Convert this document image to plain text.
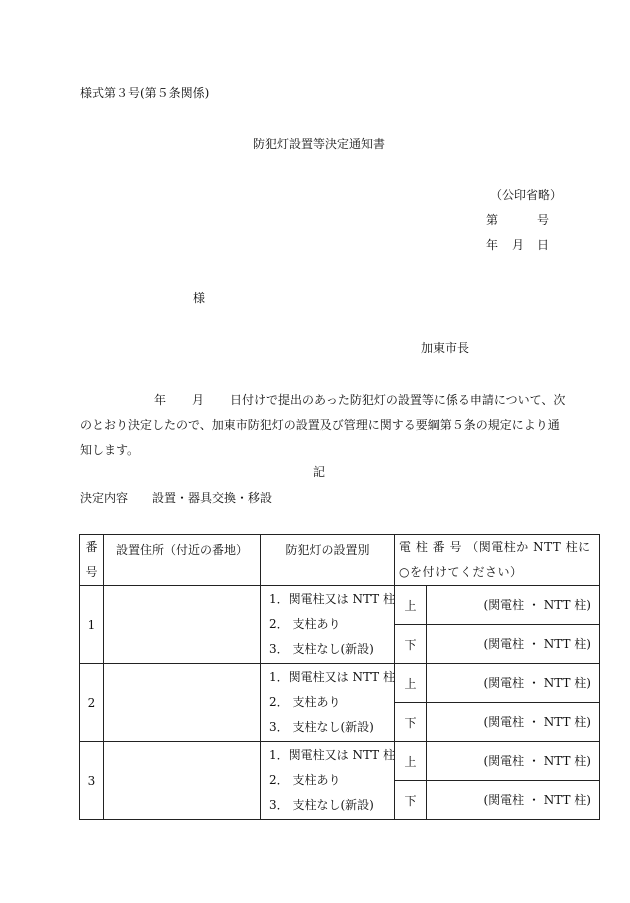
様式第３号(第５条関係)
防犯灯設置等決定通知書
（公印省略）
第	号
年 月 日
様
加東市長
年 月 日付けで提出のあった防犯灯の設置等に係る申請について、次のとおり決定したので、加東市防犯灯の設置及び管理に関する要綱第５条の規定により通知します。
記
決定内容 設置・器具交換・移設
番号	設置住所（付近の番地）	防犯灯の設置別	電 柱 番 号 （関電柱か NTT 柱に○を付けてください）	
1		1．関電柱又は NTT 柱
2． 支柱あり
3． 支柱なし(新設)	上	(関電柱 ・ NTT 柱)
			下	(関電柱 ・ NTT 柱)
2		1．関電柱又は NTT 柱
2． 支柱あり
3． 支柱なし(新設)	上	(関電柱 ・ NTT 柱)
			下	(関電柱 ・ NTT 柱)
3		1．関電柱又は NTT 柱
2． 支柱あり
3． 支柱なし(新設)	上	(関電柱 ・ NTT 柱)
			下	(関電柱 ・ NTT 柱)
